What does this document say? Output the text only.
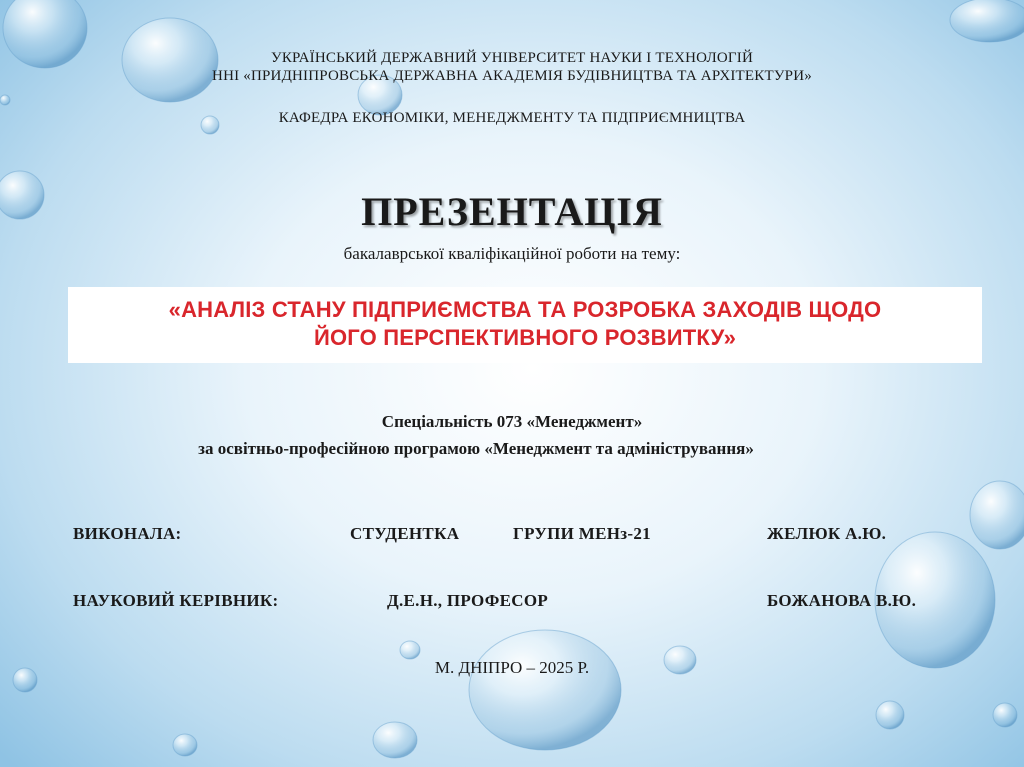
УКРАЇНСЬКИЙ ДЕРЖАВНИЙ УНІВЕРСИТЕТ НАУКИ І ТЕХНОЛОГІЙ
ННІ «ПРИДНІПРОВСЬКА ДЕРЖАВНА АКАДЕМІЯ БУДІВНИЦТВА ТА АРХІТЕКТУРИ»
КАФЕДРА ЕКОНОМІКИ, МЕНЕДЖМЕНТУ ТА ПІДПРИЄМНИЦТВА
ПРЕЗЕНТАЦІЯ
бакалаврської кваліфікаційної роботи на тему:
«АНАЛІЗ СТАНУ ПІДПРИЄМСТВА ТА РОЗРОБКА ЗАХОДІВ ЩОДО
ЙОГО ПЕРСПЕКТИВНОГО РОЗВИТКУ»
Спеціальність 073 «Менеджмент»
за освітньо-професійною програмою «Менеджмент та адміністрування»
ВИКОНАЛА:	СТУДЕНТКА	ГРУПИ МЕНз-21	ЖЕЛЮК А.Ю.
НАУКОВИЙ КЕРІВНИК:	Д.Е.Н., ПРОФЕСОР	БОЖАНОВА В.Ю.
М. ДНІПРО – 2025 Р.
